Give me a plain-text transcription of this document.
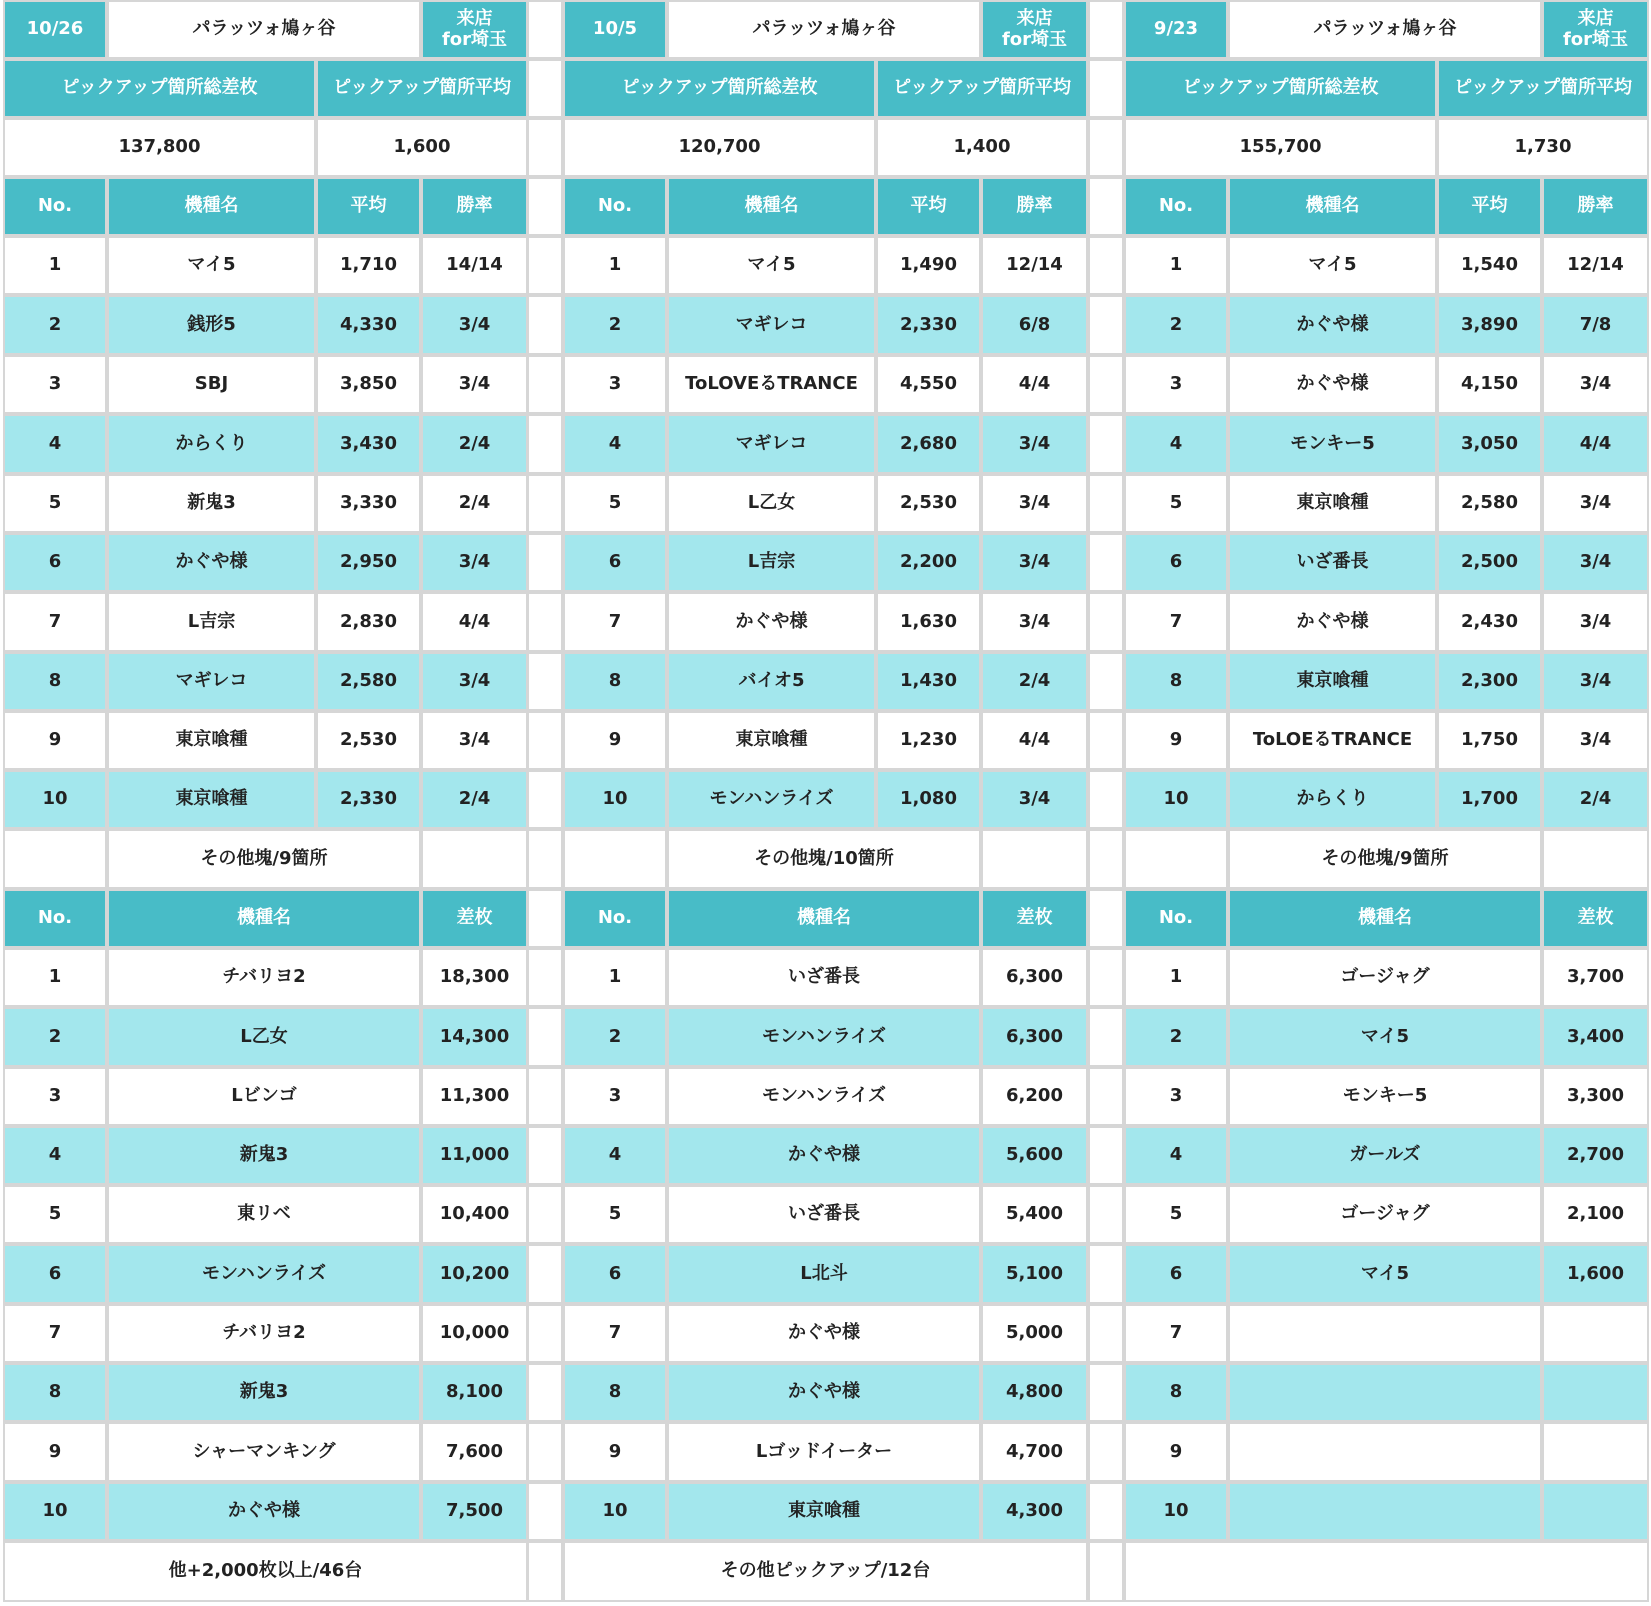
10/26	パラッツォ鳩ヶ谷	来店
for埼玉
ピックアップ箇所総差枚
137,800
ピックアップ箇所平均
1,600
No.	機種名	平均	勝率
1	マイ5	1,710	14/14
2	銭形5	4,330	3/4
3	SBJ	3,850	3/4
4	からくり	3,430	2/4
5	新鬼3	3,330	2/4
6	かぐや様	2,950	3/4
7	L吉宗	2,830	4/4
8	マギレコ	2,580	3/4
9	東京喰種	2,530	3/4
10	東京喰種	2,330	2/4
その他塊/9箇所
No.	機種名	差枚
1	チバリヨ2	18,300
2	L乙女	14,300
3	Lビンゴ	11,300
4	新鬼3	11,000
5	東リベ	10,400
6	モンハンライズ	10,200
7	チバリヨ2	10,000
8	新鬼3	8,100
9	シャーマンキング	7,600
10	かぐや様	7,500
他+2,000枚以上/46台
10/5	パラッツォ鳩ヶ谷	来店
for埼玉
ピックアップ箇所総差枚
120,700
ピックアップ箇所平均
1,400
No.	機種名	平均	勝率
1	マイ5	1,490	12/14
2	マギレコ	2,330	6/8
3	ToLOVEるTRANCE	4,550	4/4
4	マギレコ	2,680	3/4
5	L乙女	2,530	3/4
6	L吉宗	2,200	3/4
7	かぐや様	1,630	3/4
8	バイオ5	1,430	2/4
9	東京喰種	1,230	4/4
10	モンハンライズ	1,080	3/4
その他塊/10箇所
No.	機種名	差枚
1	いざ番長	6,300
2	モンハンライズ	6,300
3	モンハンライズ	6,200
4	かぐや様	5,600
5	いざ番長	5,400
6	L北斗	5,100
7	かぐや様	5,000
8	かぐや様	4,800
9	Lゴッドイーター	4,700
10	東京喰種	4,300
その他ピックアップ/12台
9/23	パラッツォ鳩ヶ谷	来店
for埼玉
ピックアップ箇所総差枚
155,700
ピックアップ箇所平均
1,730
No.	機種名	平均	勝率
1	マイ5	1,540	12/14
2	かぐや様	3,890	7/8
3	かぐや様	4,150	3/4
4	モンキー5	3,050	4/4
5	東京喰種	2,580	3/4
6	いざ番長	2,500	3/4
7	かぐや様	2,430	3/4
8	東京喰種	2,300	3/4
9	ToLOEるTRANCE	1,750	3/4
10	からくり	1,700	2/4
その他塊/9箇所
No.	機種名	差枚
1	ゴージャグ	3,700
2	マイ5	3,400
3	モンキー5	3,300
4	ガールズ	2,700
5	ゴージャグ	2,100
6	マイ5	1,600
7
8
9
10
